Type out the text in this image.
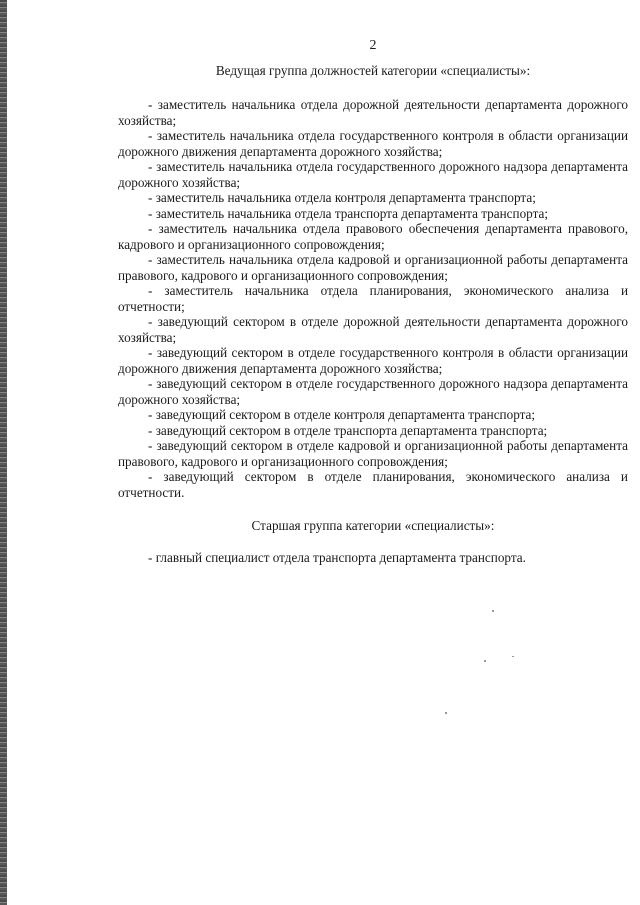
2
Ведущая группа должностей категории «специалисты»:

- заместитель начальника отдела дорожной деятельности департамента дорожного хозяйства;

- заместитель начальника отдела государственного контроля в области организации дорожного движения департамента дорожного хозяйства;

- заместитель начальника отдела государственного дорожного надзора департамента дорожного хозяйства;

- заместитель начальника отдела контроля департамента транспорта;

- заместитель начальника отдела транспорта департамента транспорта;

- заместитель начальника отдела правового обеспечения департамента правового, кадрового и организационного сопровождения;

- заместитель начальника отдела кадровой и организационной работы департамента правового, кадрового и организационного сопровождения;

- заместитель начальника отдела планирования, экономического анализа и отчетности;

- заведующий сектором в отделе дорожной деятельности департамента дорожного хозяйства;

- заведующий сектором в отделе государственного контроля в области организации дорожного движения департамента дорожного хозяйства;

- заведующий сектором в отделе государственного дорожного надзора департамента дорожного хозяйства;

- заведующий сектором в отделе контроля департамента транспорта;

- заведующий сектором в отделе транспорта департамента транспорта;

- заведующий сектором в отделе кадровой и организационной работы департамента правового, кадрового и организационного сопровождения;

- заведующий сектором в отделе планирования, экономического анализа и отчетности.

Старшая группа категории «специалисты»:

- главный специалист отдела транспорта департамента транспорта.
